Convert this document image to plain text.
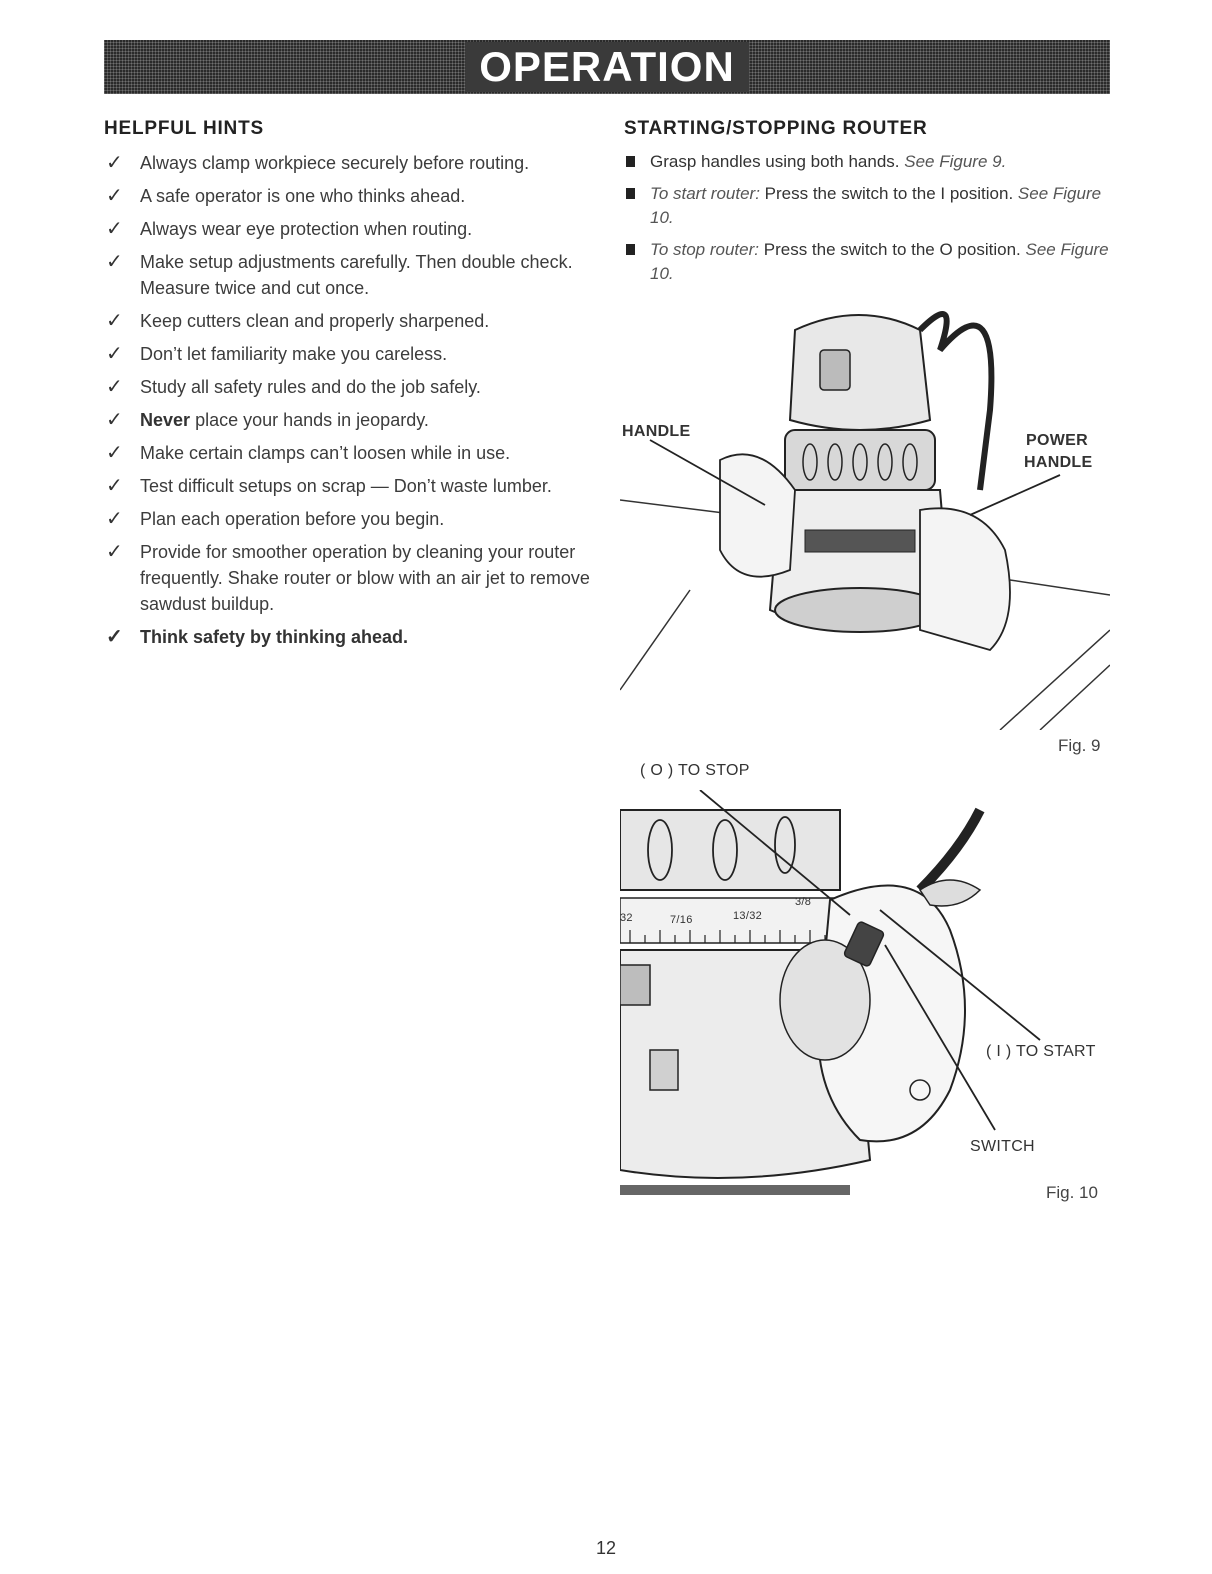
OPERATION
HELPFUL HINTS
✓ Always clamp workpiece securely before routing.
✓ A safe operator is one who thinks ahead.
✓ Always wear eye protection when routing.
✓ Make setup adjustments carefully. Then double check. Measure twice and cut once.
✓ Keep cutters clean and properly sharpened.
✓ Don’t let familiarity make you careless.
✓ Study all safety rules and do the job safely.
✓ Never place your hands in jeopardy.
✓ Make certain clamps can’t loosen while in use.
✓ Test difficult setups on scrap — Don’t waste lumber.
✓ Plan each operation before you begin.
✓ Provide for smoother operation by cleaning your router frequently. Shake router or blow with an air jet to remove sawdust buildup.
✓ Think safety by thinking ahead.
STARTING/STOPPING ROUTER
Grasp handles using both hands. See Figure 9.
To start router: Press the switch to the I position. See Figure 10.
To stop router: Press the switch to the O position. See Figure 10.
HANDLE
POWER
HANDLE
Fig. 9
( O ) TO STOP
32	7/16	13/32
3/8
( I ) TO START
SWITCH
Fig. 10
12
